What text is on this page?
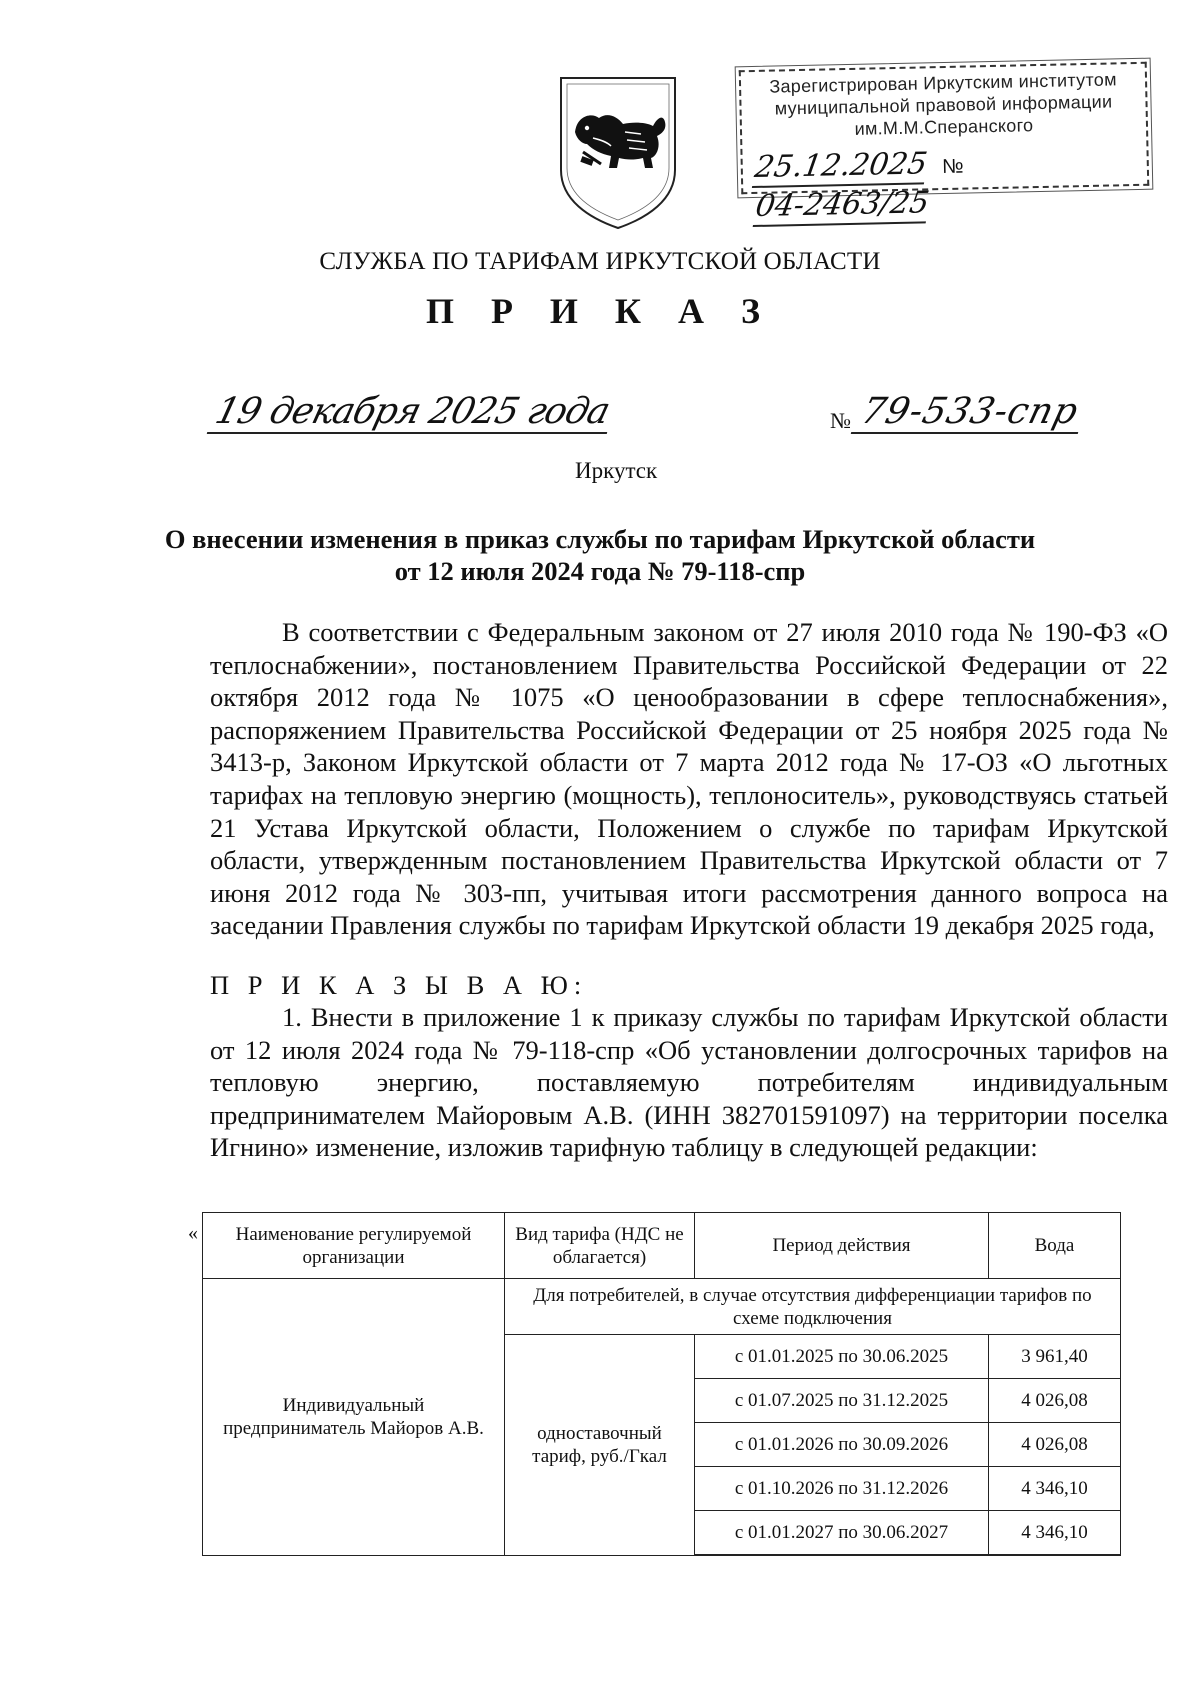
Зарегистрирован Иркутским институтом
муниципальной правовой информации
им.М.М.Сперанского
25.12.2025 № 04-2463/25
СЛУЖБА ПО ТАРИФАМ ИРКУТСКОЙ ОБЛАСТИ
П Р И К А З
19 декабря 2025 года	№ 79-533-спр
Иркутск
О внесении изменения в приказ службы по тарифам Иркутской области
от 12 июля 2024 года № 79-118-спр
В соответствии с Федеральным законом от 27 июля 2010 года № 190-ФЗ «О теплоснабжении», постановлением Правительства Российской Федерации от 22 октября 2012 года № 1075 «О ценообразовании в сфере теплоснабжения», распоряжением Правительства Российской Федерации от 25 ноября 2025 года № 3413-р, Законом Иркутской области от 7 марта 2012 года № 17-ОЗ «О льготных тарифах на тепловую энергию (мощность), теплоноситель», руководствуясь статьей 21 Устава Иркутской области, Положением о службе по тарифам Иркутской области, утвержденным постановлением Правительства Иркутской области от 7 июня 2012 года № 303-пп, учитывая итоги рассмотрения данного вопроса на заседании Правления службы по тарифам Иркутской области 19 декабря 2025 года,
П Р И К А З Ы В А Ю:
1. Внести в приложение 1 к приказу службы по тарифам Иркутской области от 12 июля 2024 года № 79-118-спр «Об установлении долгосрочных тарифов на тепловую энергию, поставляемую потребителям индивидуальным предпринимателем Майоровым А.В. (ИНН 382701591097) на территории поселка Игнино» изменение, изложив тарифную таблицу в следующей редакции:
« Наименование регулируемой организации	Вид тарифа (НДС не облагается)	Период действия	Вода
Индивидуальный предприниматель Майоров А.В.	Для потребителей, в случае отсутствия дифференциации тарифов по схеме подключения		
	одноставочный тариф, руб./Гкал	с 01.01.2025 по 30.06.2025	3 961,40
		с 01.07.2025 по 31.12.2025	4 026,08
		с 01.01.2026 по 30.09.2026	4 026,08
		с 01.10.2026 по 31.12.2026	4 346,10
		с 01.01.2027 по 30.06.2027	4 346,10
